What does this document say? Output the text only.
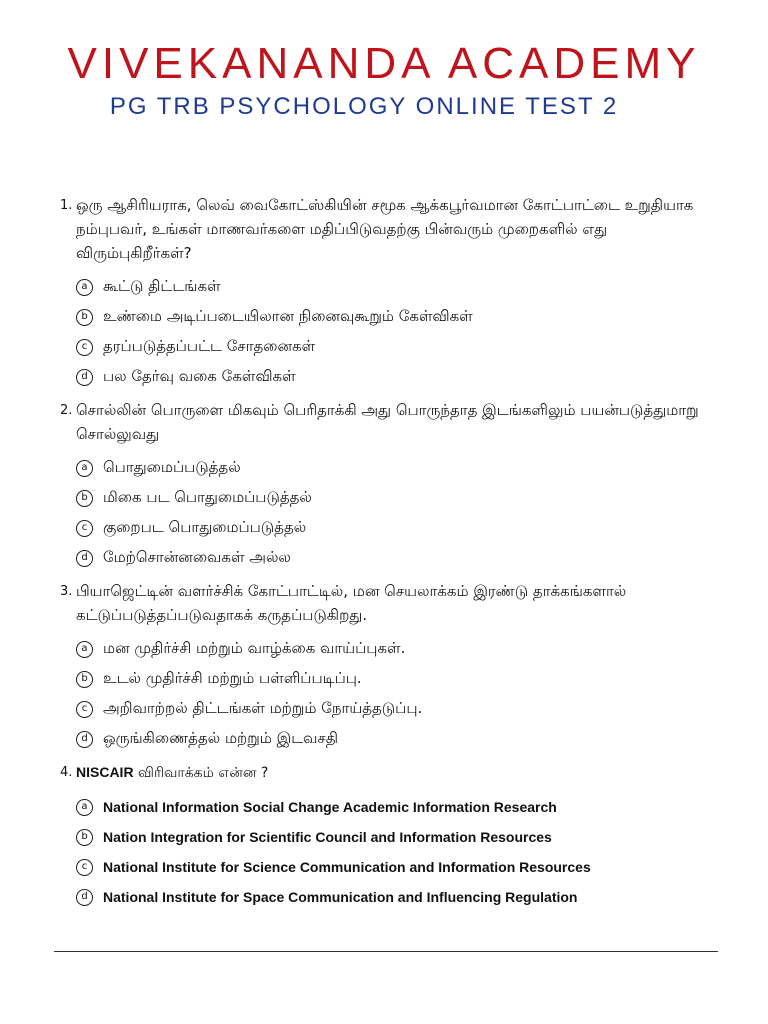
VIVEKANANDA ACADEMY
PG TRB PSYCHOLOGY ONLINE TEST 2
1. ஒரு ஆசிரியராக, லெவ் வைகோட்ஸ்கியின் சமூக ஆக்கபூர்வமான கோட்பாட்டை உறுதியாக நம்புபவர், உங்கள் மாணவர்களை மதிப்பிடுவதற்கு பின்வரும் முறைகளில் எது விரும்புகிறீர்கள்?
a	கூட்டு திட்டங்கள்
b	உண்மை அடிப்படையிலான நினைவுகூறும் கேள்விகள்
c	தரப்படுத்தப்பட்ட சோதனைகள்
d	பல தேர்வு வகை கேள்விகள்
2. சொல்லின் பொருளை மிகவும் பெரிதாக்கி அது பொருந்தாத இடங்களிலும் பயன்படுத்துமாறு சொல்லுவது
a	பொதுமைப்படுத்தல்
b	மிகை பட பொதுமைப்படுத்தல்
c	குறைபட பொதுமைப்படுத்தல்
d	மேற்சொன்னவைகள் அல்ல
3. பியாஜெட்டின் வளர்ச்சிக் கோட்பாட்டில், மன செயலாக்கம் இரண்டு தாக்கங்களால் கட்டுப்படுத்தப்படுவதாகக் கருதப்படுகிறது.
a	மன முதிர்ச்சி மற்றும் வாழ்க்கை வாய்ப்புகள்.
b	உடல் முதிர்ச்சி மற்றும் பள்ளிப்படிப்பு.
c	அறிவாற்றல் திட்டங்கள் மற்றும் நோய்த்தடுப்பு.
d	ஒருங்கிணைத்தல் மற்றும் இடவசதி
4. NISCAIR விரிவாக்கம் என்ன ?
a	National Information Social Change Academic Information Research
b	Nation Integration for Scientific Council and Information Resources
c	National Institute for Science Communication and Information Resources
d	National Institute for Space Communication and Influencing Regulation
